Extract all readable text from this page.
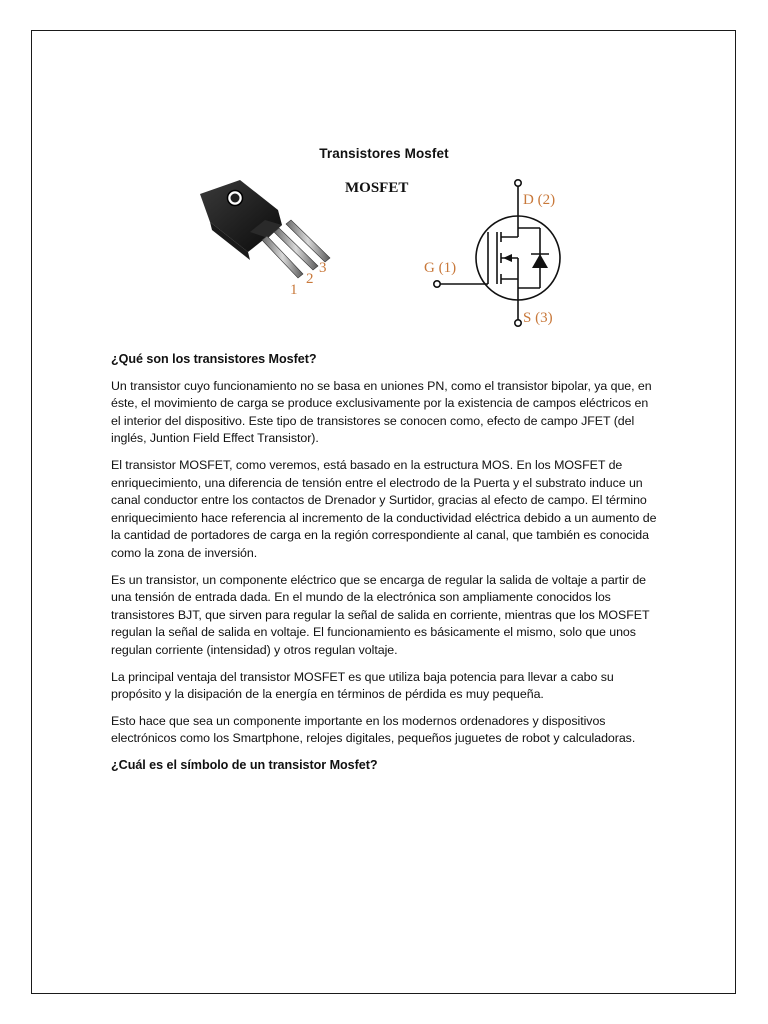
Transistores Mosfet
1
2
3
MOSFET
D (2)
G (1)
S (3)
¿Qué son los transistores Mosfet?

Un transistor cuyo funcionamiento no se basa en uniones PN, como el transistor bipolar, ya que, en éste, el movimiento de carga se produce exclusivamente por la existencia de campos eléctricos en el interior del dispositivo. Este tipo de transistores se conocen como, efecto de campo JFET (del inglés, Juntion Field Effect Transistor).

El transistor MOSFET, como veremos, está basado en la estructura MOS. En los MOSFET de enriquecimiento, una diferencia de tensión entre el electrodo de la Puerta y el substrato induce un canal conductor entre los contactos de Drenador y Surtidor, gracias al efecto de campo. El término enriquecimiento hace referencia al incremento de la conductividad eléctrica debido a un aumento de la cantidad de portadores de carga en la región correspondiente al canal, que también es conocida como la zona de inversión.

Es un transistor, un componente eléctrico que se encarga de regular la salida de voltaje a partir de una tensión de entrada dada. En el mundo de la electrónica son ampliamente conocidos los transistores BJT, que sirven para regular la señal de salida en corriente, mientras que los MOSFET regulan la señal de salida en voltaje. El funcionamiento es básicamente el mismo, solo que unos regulan corriente (intensidad) y otros regulan voltaje.

La principal ventaja del transistor MOSFET es que utiliza baja potencia para llevar a cabo su propósito y la disipación de la energía en términos de pérdida es muy pequeña.

Esto hace que sea un componente importante en los modernos ordenadores y dispositivos electrónicos como los Smartphone, relojes digitales, pequeños juguetes de robot y calculadoras.

¿Cuál es el símbolo de un transistor Mosfet?
